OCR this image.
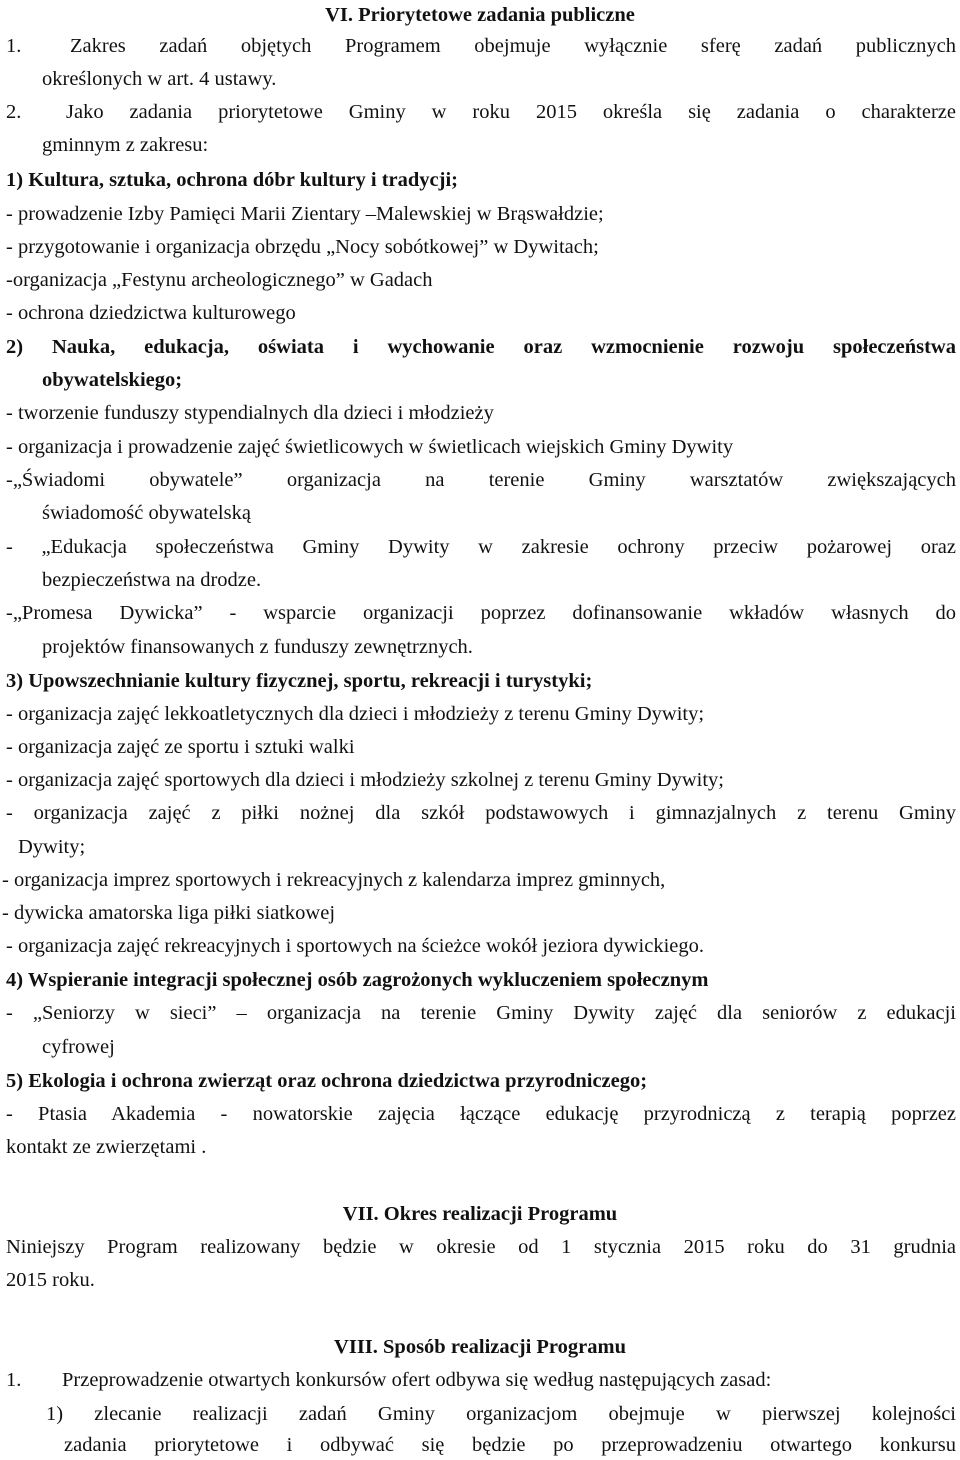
VI. Priorytetowe zadania publiczne
1. Zakres zadań objętych Programem obejmuje wyłącznie sferę zadań publicznych
określonych w art. 4 ustawy.
2. Jako zadania priorytetowe Gminy w roku 2015 określa się zadania o charakterze
gminnym z zakresu:
1) Kultura, sztuka, ochrona dóbr kultury i tradycji;
- prowadzenie Izby Pamięci Marii Zientary –Malewskiej w Brąswałdzie;
- przygotowanie i organizacja obrzędu „Nocy sobótkowej” w Dywitach;
-organizacja „Festynu archeologicznego” w Gadach
- ochrona dziedzictwa kulturowego
2) Nauka, edukacja, oświata i wychowanie oraz wzmocnienie rozwoju społeczeństwa
obywatelskiego;
- tworzenie funduszy stypendialnych dla dzieci i młodzieży
- organizacja i prowadzenie zajęć świetlicowych w świetlicach wiejskich Gminy Dywity
-„Świadomi obywatele” organizacja na terenie Gminy warsztatów zwiększających
świadomość obywatelską
- „Edukacja społeczeństwa Gminy Dywity w zakresie ochrony przeciw pożarowej oraz
bezpieczeństwa na drodze.
-„Promesa Dywicka” - wsparcie organizacji poprzez dofinansowanie wkładów własnych do
projektów finansowanych z funduszy zewnętrznych.
3) Upowszechnianie kultury fizycznej, sportu, rekreacji i turystyki;
- organizacja zajęć lekkoatletycznych dla dzieci i młodzieży z terenu Gminy Dywity;
- organizacja zajęć ze sportu i sztuki walki
- organizacja zajęć sportowych dla dzieci i młodzieży szkolnej z terenu Gminy Dywity;
- organizacja zajęć z piłki nożnej dla szkół podstawowych i gimnazjalnych z terenu Gminy
Dywity;
- organizacja imprez sportowych i rekreacyjnych z kalendarza imprez gminnych,
- dywicka amatorska liga piłki siatkowej
- organizacja zajęć rekreacyjnych i sportowych na ścieżce wokół jeziora dywickiego.
4) Wspieranie integracji społecznej osób zagrożonych wykluczeniem społecznym
- „Seniorzy w sieci” – organizacja na terenie Gminy Dywity zajęć dla seniorów z edukacji
cyfrowej
5) Ekologia i ochrona zwierząt oraz ochrona dziedzictwa przyrodniczego;
- Ptasia Akademia - nowatorskie zajęcia łączące edukację przyrodniczą z terapią poprzez
kontakt ze zwierzętami .
VII. Okres realizacji Programu
Niniejszy Program realizowany będzie w okresie od 1 stycznia 2015 roku do 31 grudnia
2015 roku.
VIII. Sposób realizacji Programu
1. Przeprowadzenie otwartych konkursów ofert odbywa się według następujących zasad:
1) zlecanie realizacji zadań Gminy organizacjom obejmuje w pierwszej kolejności
zadania priorytetowe i odbywać się będzie po przeprowadzeniu otwartego konkursu
